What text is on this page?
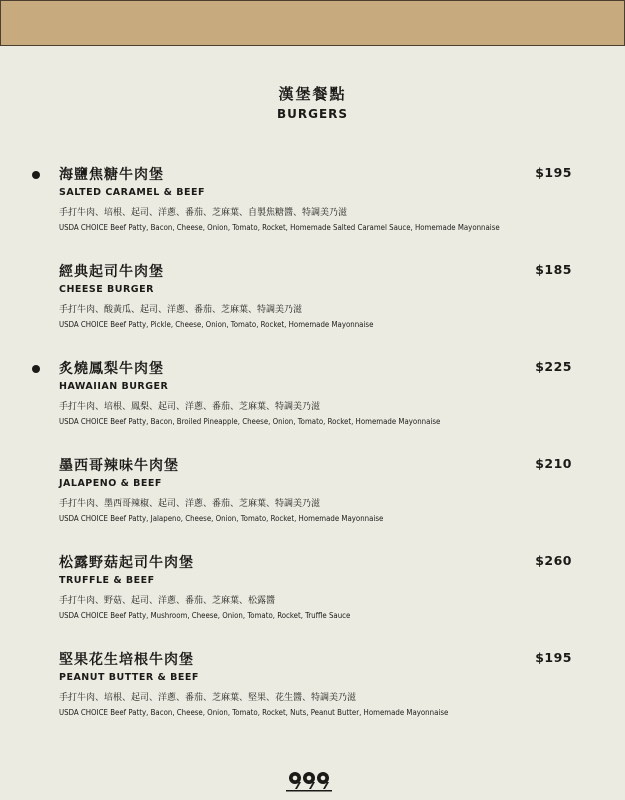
漢堡餐點
BURGERS
海鹽焦糖牛肉堡	$195
SALTED CARAMEL & BEEF
手打牛肉、培根、起司、洋蔥、番茄、芝麻葉、自製焦糖醬、特調美乃滋
USDA CHOICE Beef Patty, Bacon, Cheese, Onion, Tomato, Rocket, Homemade Salted Caramel Sauce, Homemade Mayonnaise
經典起司牛肉堡	$185
CHEESE BURGER
手打牛肉、酸黃瓜、起司、洋蔥、番茄、芝麻葉、特調美乃滋
USDA CHOICE Beef Patty, Pickle, Cheese, Onion, Tomato, Rocket, Homemade Mayonnaise
炙燒鳳梨牛肉堡	$225
HAWAIIAN BURGER
手打牛肉、培根、鳳梨、起司、洋蔥、番茄、芝麻葉、特調美乃滋
USDA CHOICE Beef Patty, Bacon, Broiled Pineapple, Cheese, Onion, Tomato, Rocket, Homemade Mayonnaise
墨西哥辣味牛肉堡	$210
JALAPENO & BEEF
手打牛肉、墨西哥辣椒、起司、洋蔥、番茄、芝麻葉、特調美乃滋
USDA CHOICE Beef Patty, Jalapeno, Cheese, Onion, Tomato, Rocket, Homemade Mayonnaise
松露野菇起司牛肉堡	$260
TRUFFLE & BEEF
手打牛肉、野菇、起司、洋蔥、番茄、芝麻葉、松露醬
USDA CHOICE Beef Patty, Mushroom, Cheese, Onion, Tomato, Rocket, Truffle Sauce
堅果花生培根牛肉堡	$195
PEANUT BUTTER & BEEF
手打牛肉、培根、起司、洋蔥、番茄、芝麻葉、堅果、花生醬、特調美乃滋
USDA CHOICE Beef Patty, Bacon, Cheese, Onion, Tomato, Rocket, Nuts, Peanut Butter, Homemade Mayonnaise
